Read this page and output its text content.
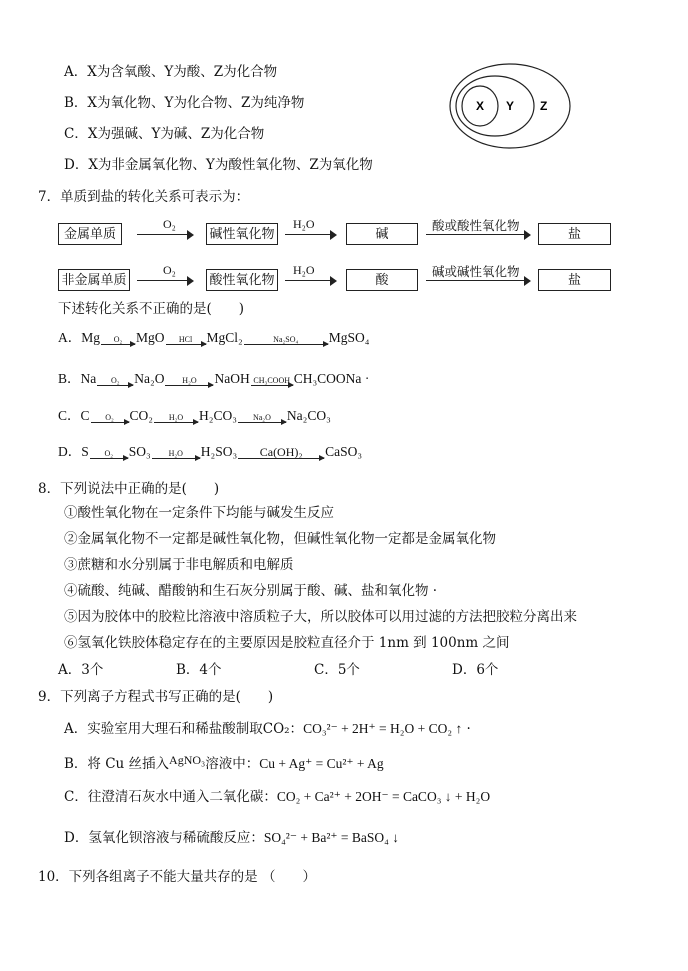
A．X为含氧酸、Y为酸、Z为化合物
B．X为氧化物、Y为化合物、Z为纯净物
C．X为强碱、Y为碱、Z为化合物
D．X为非金属氧化物、Y为酸性氧化物、Z为氧化物
X Y Z
7．单质到盐的转化关系可表示为：
金属单质
O₂
碱性氧化物
H₂O
碱
酸或酸性氧化物
盐
非金属单质
O₂
酸性氧化物
H₂O
酸
碱或碱性氧化物
盐
下述转化关系不正确的是(　　)
A．Mg	O₂	MgO	HCl	MgCl₂	Na₂SO₄	MgSO₄
B．Na	O₂	Na₂O	H₂O	NaOH CH₃COOH CH₃COONa ·
C．C	O₂	CO₂	H₂O	H₂CO₃	Na₂O	Na₂CO₃
D．S	O₂	SO₃	H₂O	H₂SO₃	Ca(OH)₂	CaSO₃
8．下列说法中正确的是(　　)
①酸性氧化物在一定条件下均能与碱发生反应
②金属氧化物不一定都是碱性氧化物，但碱性氧化物一定都是金属氧化物
③蔗糖和水分别属于非电解质和电解质
④硫酸、纯碱、醋酸钠和生石灰分别属于酸、碱、盐和氧化物 ·
⑤因为胶体中的胶粒比溶液中溶质粒子大，所以胶体可以用过滤的方法把胶粒分离出来
⑥氢氧化铁胶体稳定存在的主要原因是胶粒直径介于 1nm 到 100nm 之间
A．3个	B．4个	C．5个	D．6个
9．下列离子方程式书写正确的是(　　)
A．实验室用大理石和稀盐酸制取CO₂：CO₃²⁻ + 2H⁺ = H₂O + CO₂ ↑ ·
B．将 Cu 丝插入AgNO₃溶液中：Cu + Ag⁺ = Cu²⁺ + Ag
C．往澄清石灰水中通入二氧化碳：CO₂ + Ca²⁺ + 2OH⁻ = CaCO₃ ↓ + H₂O
D．氢氧化钡溶液与稀硫酸反应：SO₄²⁻ + Ba²⁺ = BaSO₄ ↓
10．下列各组离子不能大量共存的是 （　　）
